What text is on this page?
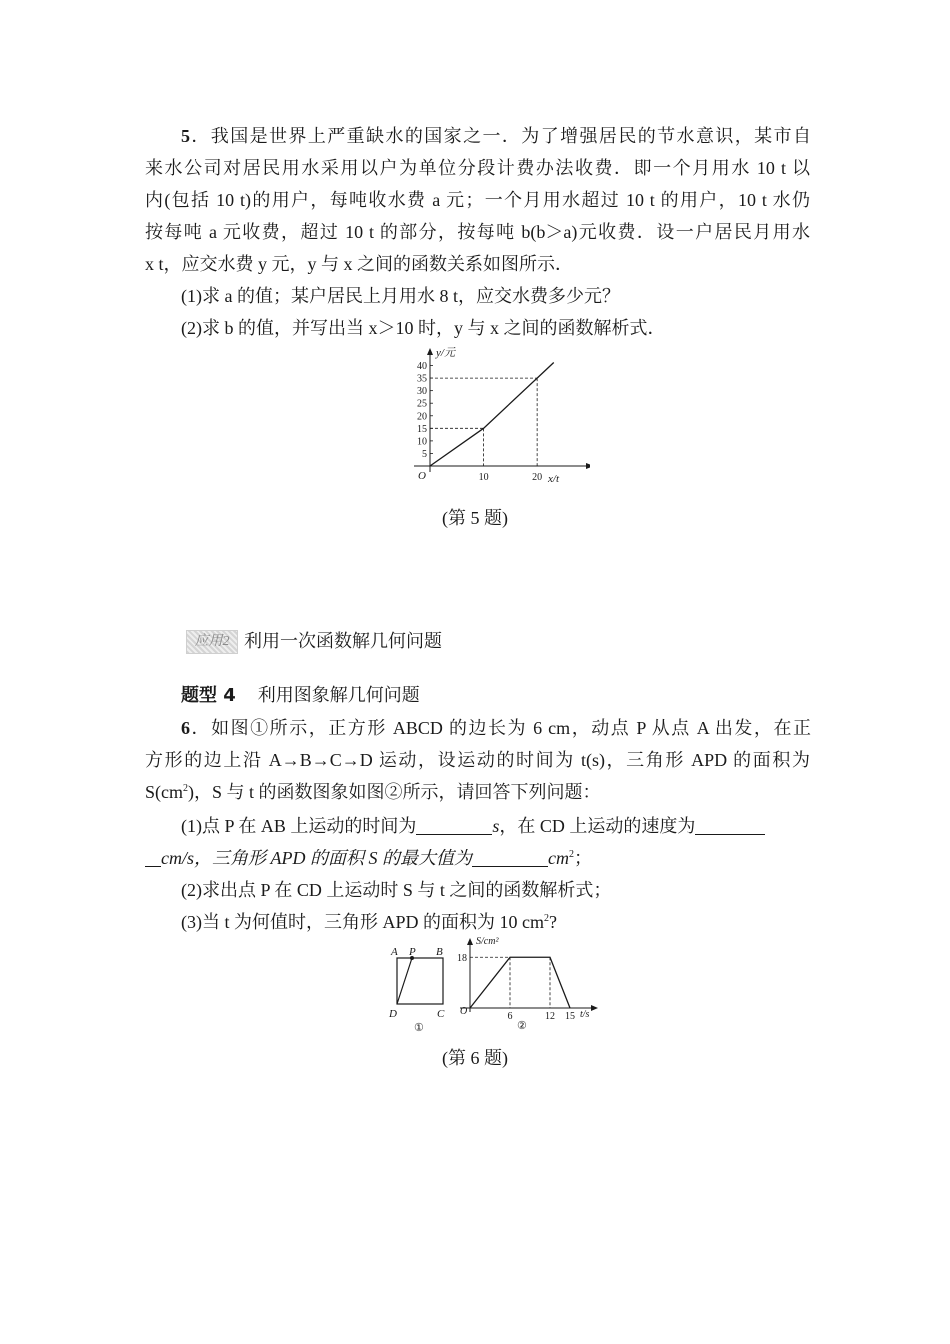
5．我国是世界上严重缺水的国家之一．为了增强居民的节水意识，某市自
来水公司对居民用水采用以户为单位分段计费办法收费．即一个月用水 10 t 以
内(包括 10 t)的用户，每吨收水费 a 元；一个月用水超过 10 t 的用户，10 t 水仍
按每吨 a 元收费，超过 10 t 的部分，按每吨 b(b＞a)元收费．设一户居民月用水
x t，应交水费 y 元，y 与 x 之间的函数关系如图所示．
(1)求 a 的值；某户居民上月用水 8 t，应交水费多少元？
(2)求 b 的值，并写出当 x＞10 时，y 与 x 之间的函数解析式．
5
10
15
20
25
30
35
40
10	20
y/元
x/t
O
(第 5 题)
应用2 利用一次函数解几何问题
题型 4 利用图象解几何问题
6．如图①所示，正方形 ABCD 的边长为 6 cm，动点 P 从点 A 出发，在正
方形的边上沿 A→B→C→D 运动，设运动的时间为 t(s)，三角形 APD 的面积为
$S(cm^2)$，S 与 t 的函数图象如图②所示，请回答下列问题：
(1)点 P 在 AB 上运动的时间为	s，在 CD 上运动的速度为
cm/s，三角形 APD 的面积 S 的最大值为	$cm^2$；
(2)求出点 P 在 CD 上运动时 S 与 t 之间的函数解析式；
(3)当 t 为何值时，三角形 APD 的面积为 10 $cm^2$?
A P B
C
D
①
18
6	12 15
S/cm²
t/s
O
②
(第 6 题)
